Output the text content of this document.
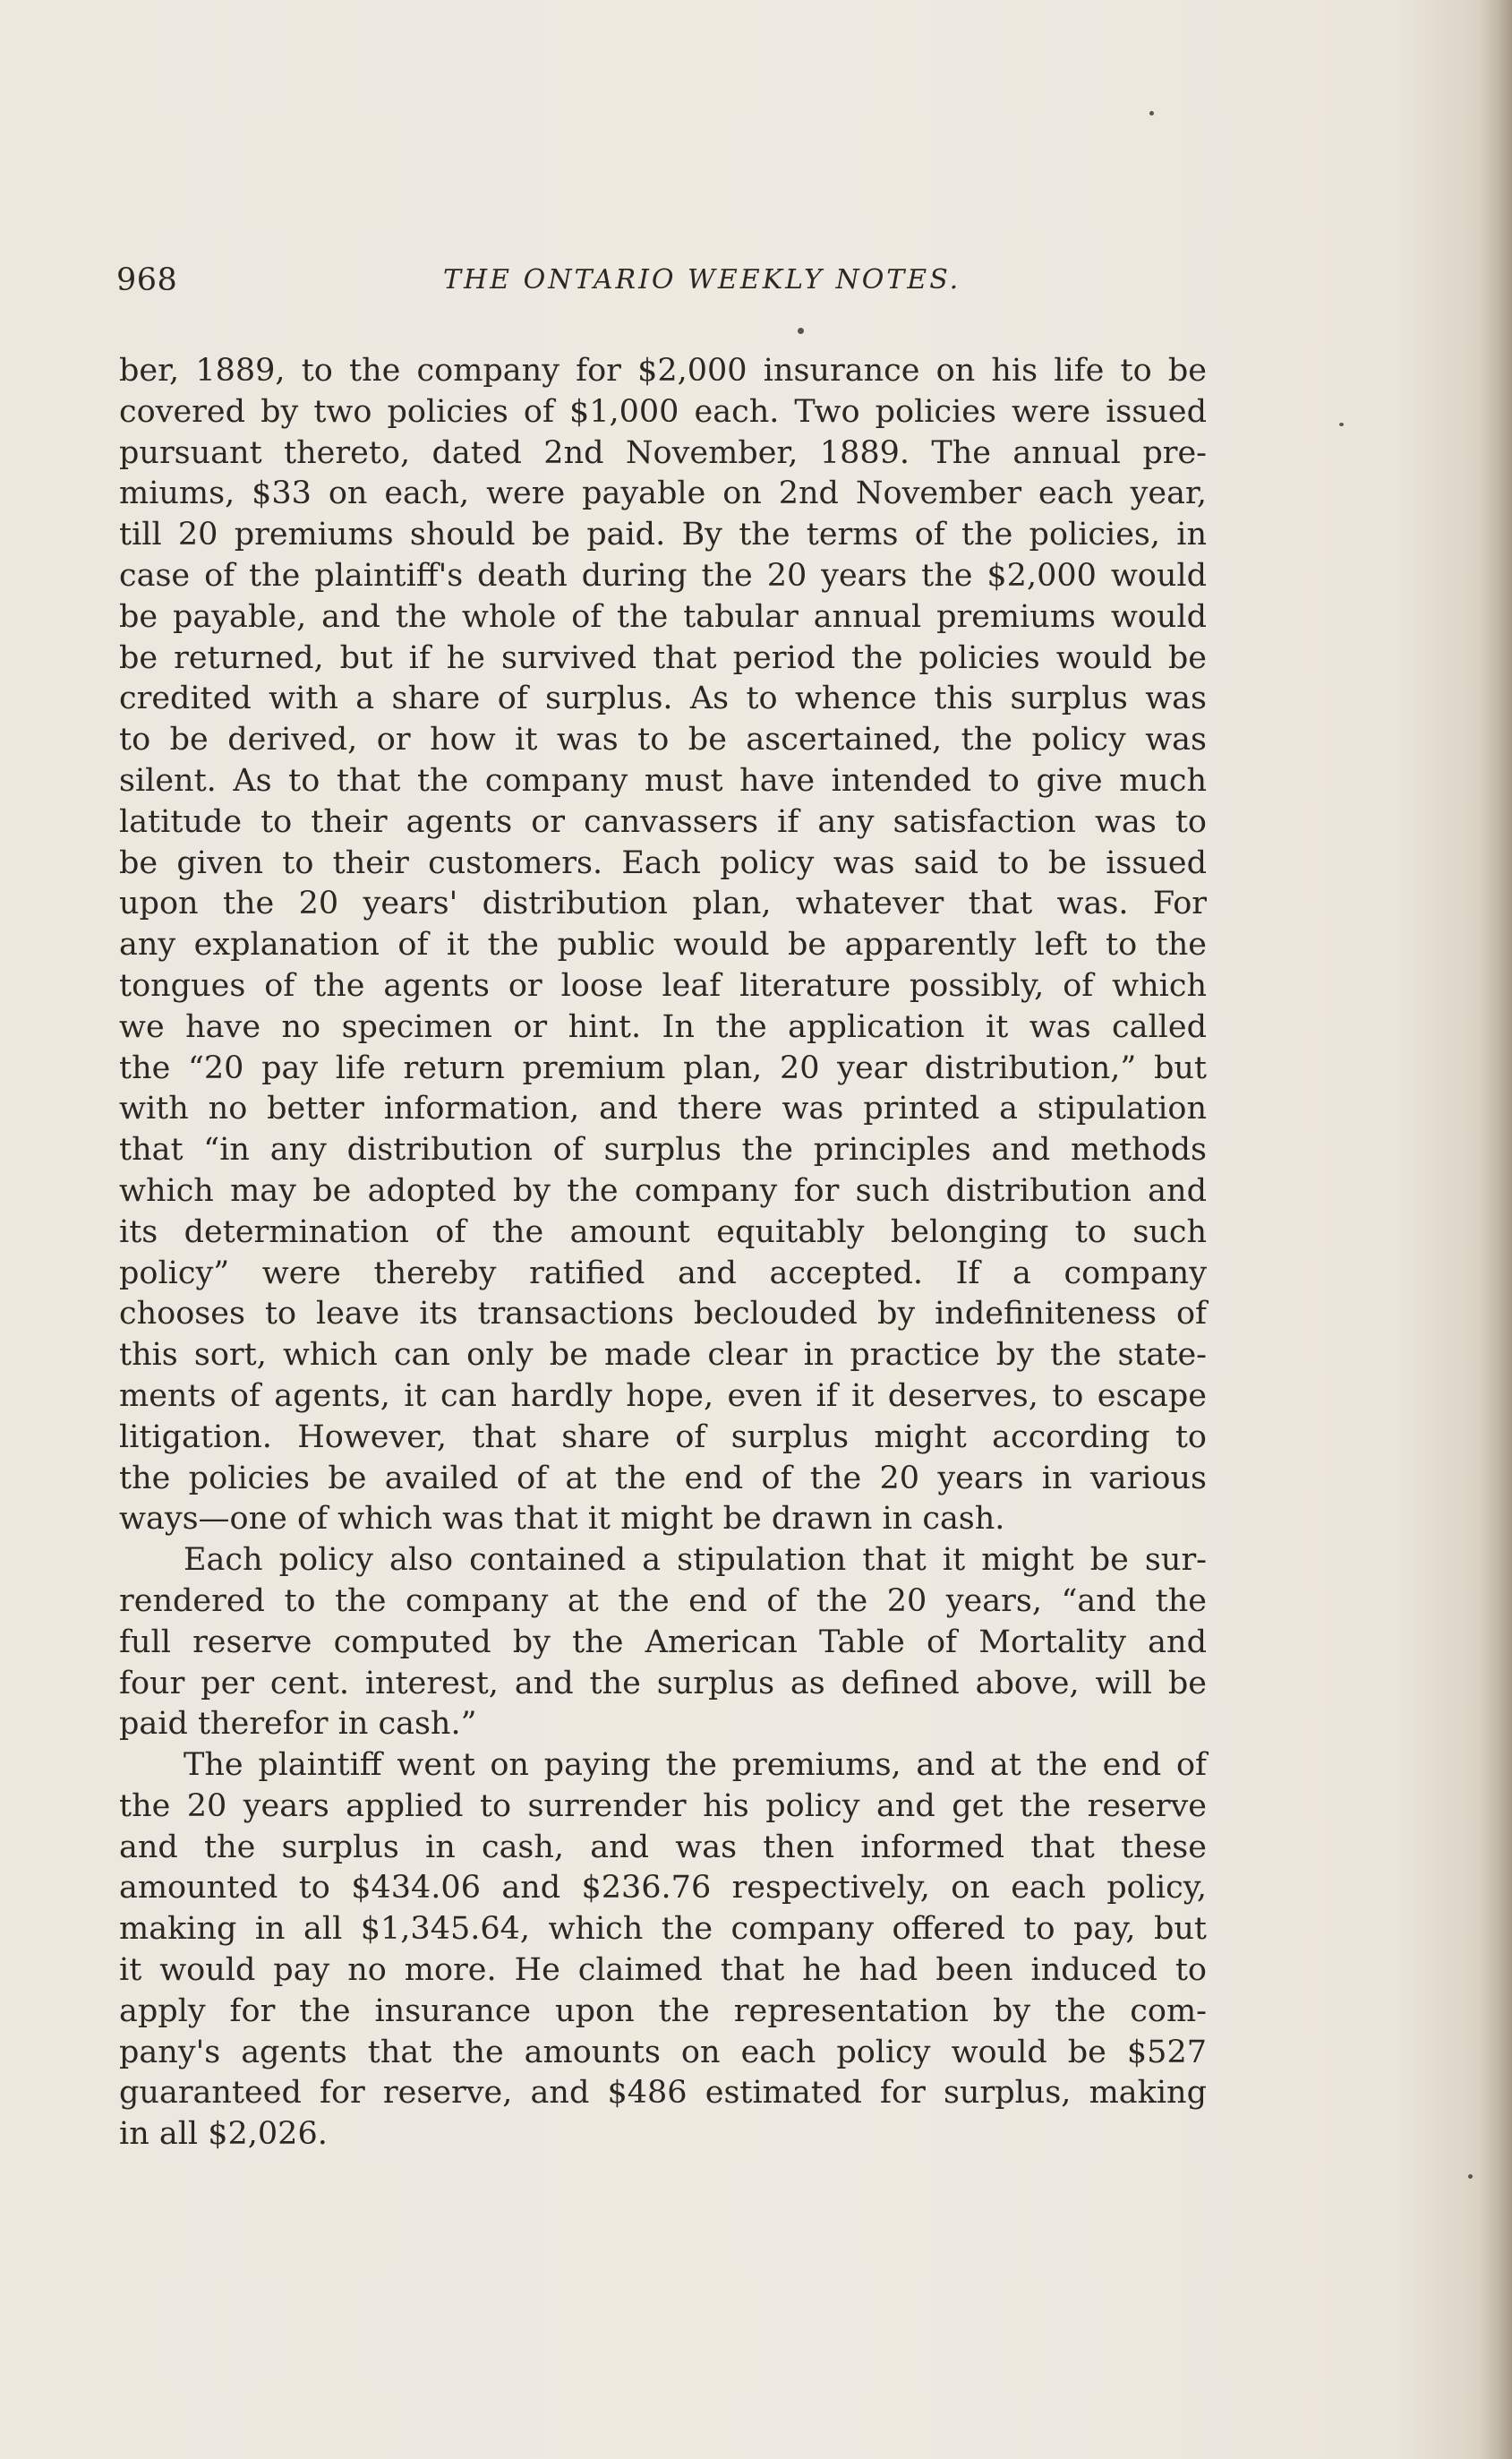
968	THE ONTARIO WEEKLY NOTES.
ber, 1889, to the company for $2,000 insurance on his life to be
covered by two policies of $1,000 each. Two policies were issued
pursuant thereto, dated 2nd November, 1889. The annual pre-
miums, $33 on each, were payable on 2nd November each year,
till 20 premiums should be paid. By the terms of the policies, in
case of the plaintiff's death during the 20 years the $2,000 would
be payable, and the whole of the tabular annual premiums would
be returned, but if he survived that period the policies would be
credited with a share of surplus. As to whence this surplus was
to be derived, or how it was to be ascertained, the policy was
silent. As to that the company must have intended to give much
latitude to their agents or canvassers if any satisfaction was to
be given to their customers. Each policy was said to be issued
upon the 20 years' distribution plan, whatever that was. For
any explanation of it the public would be apparently left to the
tongues of the agents or loose leaf literature possibly, of which
we have no specimen or hint. In the application it was called
the “20 pay life return premium plan, 20 year distribution,” but
with no better information, and there was printed a stipulation
that “in any distribution of surplus the principles and methods
which may be adopted by the company for such distribution and
its determination of the amount equitably belonging to such
policy” were thereby ratified and accepted. If a company
chooses to leave its transactions beclouded by indefiniteness of
this sort, which can only be made clear in practice by the state-
ments of agents, it can hardly hope, even if it deserves, to escape
litigation. However, that share of surplus might according to
the policies be availed of at the end of the 20 years in various
ways—one of which was that it might be drawn in cash.
Each policy also contained a stipulation that it might be sur-
rendered to the company at the end of the 20 years, “and the
full reserve computed by the American Table of Mortality and
four per cent. interest, and the surplus as defined above, will be
paid therefor in cash.”
The plaintiff went on paying the premiums, and at the end of
the 20 years applied to surrender his policy and get the reserve
and the surplus in cash, and was then informed that these
amounted to $434.06 and $236.76 respectively, on each policy,
making in all $1,345.64, which the company offered to pay, but
it would pay no more. He claimed that he had been induced to
apply for the insurance upon the representation by the com-
pany's agents that the amounts on each policy would be $527
guaranteed for reserve, and $486 estimated for surplus, making
in all $2,026.
